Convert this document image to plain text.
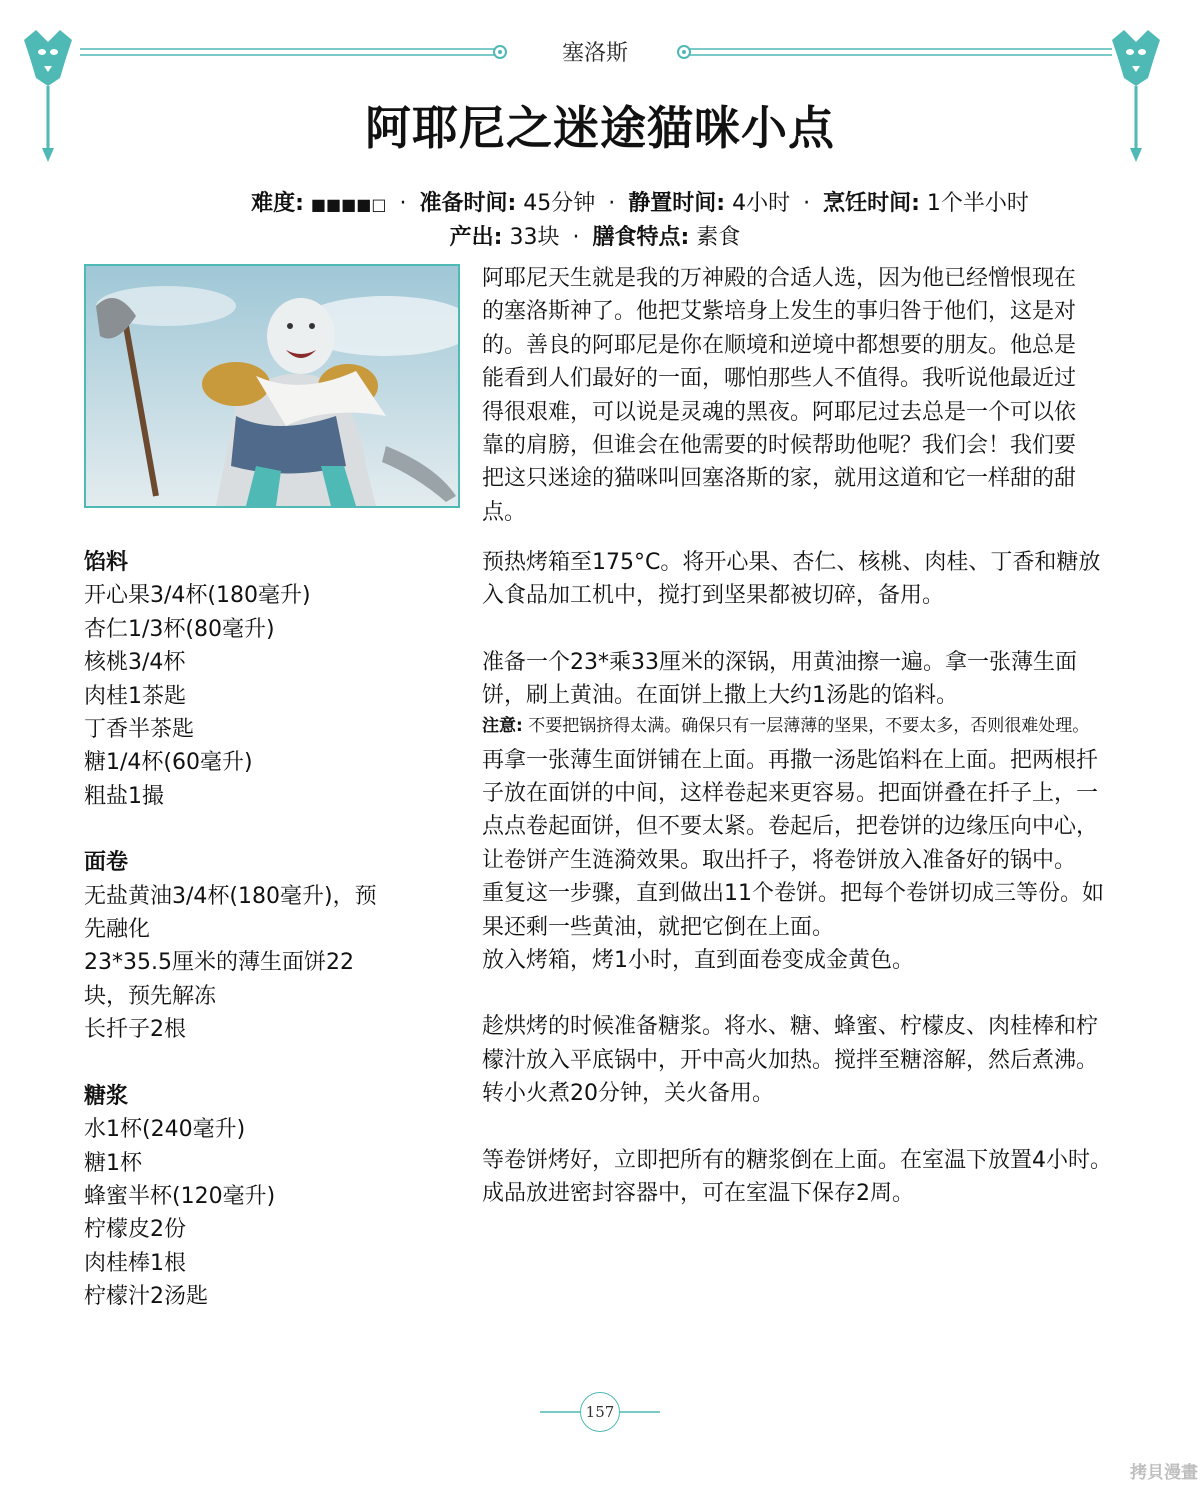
塞洛斯
阿耶尼之迷途猫咪小点
难度: ■■■■□ · 准备时间: 45分钟 · 静置时间: 4小时 · 烹饪时间: 1个半小时
产出: 33块 · 膳食特点: 素食
阿耶尼天生就是我的万神殿的合适人选，因为他已经憎恨现在的塞洛斯神了。他把艾紫培身上发生的事归咎于他们，这是对的。善良的阿耶尼是你在顺境和逆境中都想要的朋友。他总是能看到人们最好的一面，哪怕那些人不值得。我听说他最近过得很艰难，可以说是灵魂的黑夜。阿耶尼过去总是一个可以依靠的肩膀，但谁会在他需要的时候帮助他呢？我们会！我们要把这只迷途的猫咪叫回塞洛斯的家，就用这道和它一样甜的甜点。
馅料
开心果3/4杯(180毫升)
杏仁1/3杯(80毫升)
核桃3/4杯
肉桂1茶匙
丁香半茶匙
糖1/4杯(60毫升)
粗盐1撮
面卷
无盐黄油3/4杯(180毫升)，预先融化
23*35.5厘米的薄生面饼22块，预先解冻
长扦子2根
糖浆
水1杯(240毫升)
糖1杯
蜂蜜半杯(120毫升)
柠檬皮2份
肉桂棒1根
柠檬汁2汤匙
预热烤箱至175°C。将开心果、杏仁、核桃、肉桂、丁香和糖放入食品加工机中，搅打到坚果都被切碎，备用。
准备一个23*乘33厘米的深锅，用黄油擦一遍。拿一张薄生面饼，刷上黄油。在面饼上撒上大约1汤匙的馅料。
注意: 不要把锅挤得太满。确保只有一层薄薄的坚果，不要太多，否则很难处理。
再拿一张薄生面饼铺在上面。再撒一汤匙馅料在上面。把两根扦子放在面饼的中间，这样卷起来更容易。把面饼叠在扦子上，一点点卷起面饼，但不要太紧。卷起后，把卷饼的边缘压向中心，让卷饼产生涟漪效果。取出扦子，将卷饼放入准备好的锅中。
重复这一步骤，直到做出11个卷饼。把每个卷饼切成三等份。如果还剩一些黄油，就把它倒在上面。
放入烤箱，烤1小时，直到面卷变成金黄色。
趁烘烤的时候准备糖浆。将水、糖、蜂蜜、柠檬皮、肉桂棒和柠檬汁放入平底锅中，开中高火加热。搅拌至糖溶解，然后煮沸。转小火煮20分钟，关火备用。
等卷饼烤好，立即把所有的糖浆倒在上面。在室温下放置4小时。成品放进密封容器中，可在室温下保存2周。
157
拷貝漫畫
